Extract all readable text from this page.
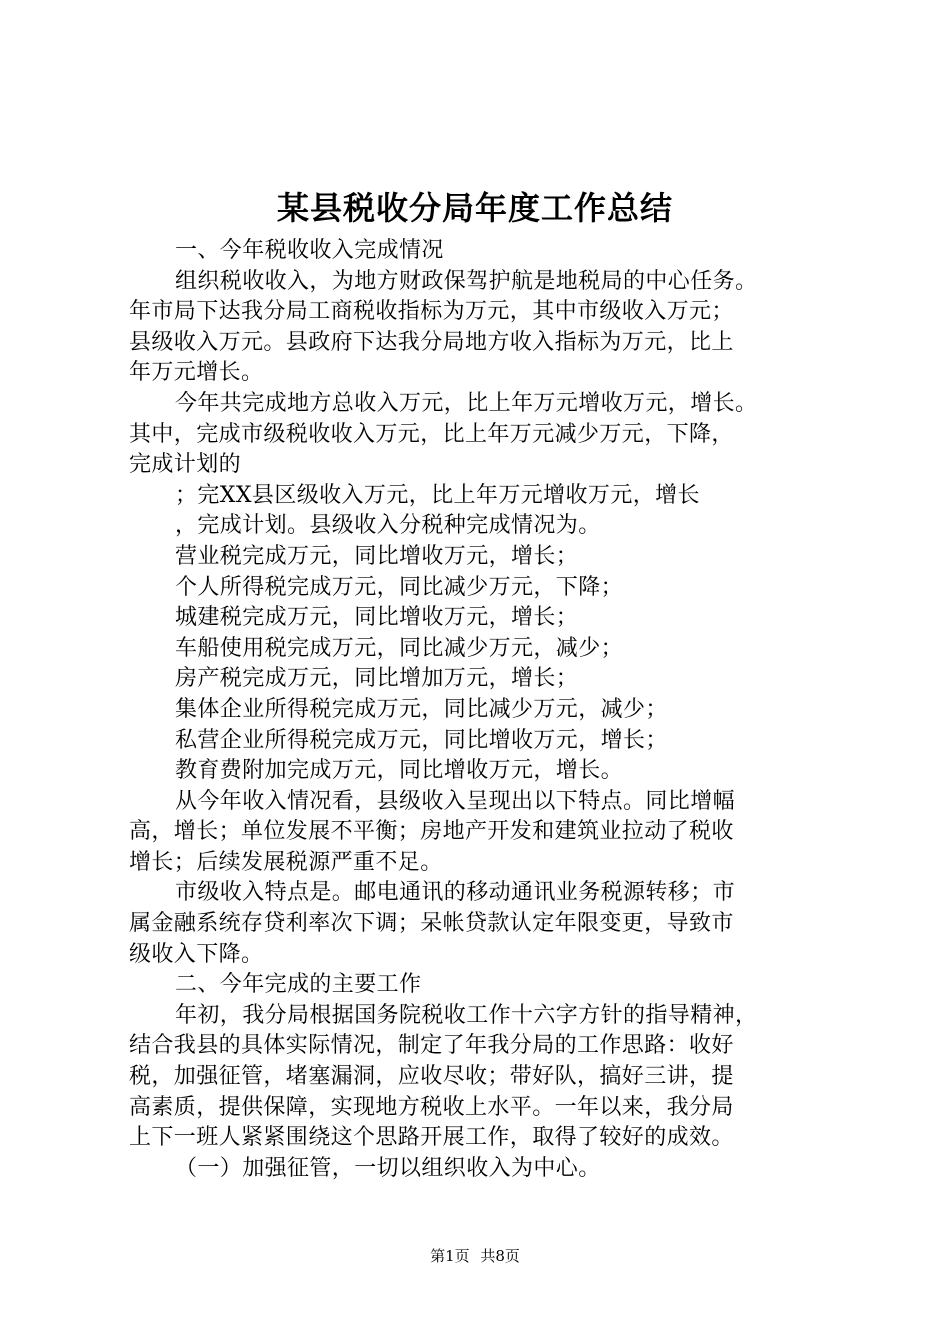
某县税收分局年度工作总结
一、今年税收收入完成情况
组织税收收入，为地方财政保驾护航是地税局的中心任务。
年市局下达我分局工商税收指标为万元，其中市级收入万元；
县级收入万元。县政府下达我分局地方收入指标为万元，比上
年万元增长。
今年共完成地方总收入万元，比上年万元增收万元，增长。
其中，完成市级税收收入万元，比上年万元减少万元，下降，
完成计划的
；完XX县区级收入万元，比上年万元增收万元，增长
，完成计划。县级收入分税种完成情况为。
营业税完成万元，同比增收万元，增长；
个人所得税完成万元，同比减少万元，下降；
城建税完成万元，同比增收万元，增长；
车船使用税完成万元，同比减少万元，减少；
房产税完成万元，同比增加万元，增长；
集体企业所得税完成万元，同比减少万元，减少；
私营企业所得税完成万元，同比增收万元，增长；
教育费附加完成万元，同比增收万元，增长。
从今年收入情况看，县级收入呈现出以下特点。同比增幅
高，增长；单位发展不平衡；房地产开发和建筑业拉动了税收
增长；后续发展税源严重不足。
市级收入特点是。邮电通讯的移动通讯业务税源转移；市
属金融系统存贷利率次下调；呆帐贷款认定年限变更，导致市
级收入下降。
二、今年完成的主要工作
年初，我分局根据国务院税收工作十六字方针的指导精神，
结合我县的具体实际情况，制定了年我分局的工作思路：收好
税，加强征管，堵塞漏洞，应收尽收；带好队，搞好三讲，提
高素质，提供保障，实现地方税收上水平。一年以来，我分局
上下一班人紧紧围绕这个思路开展工作，取得了较好的成效。
（一）加强征管，一切以组织收入为中心。
第1页 共8页
